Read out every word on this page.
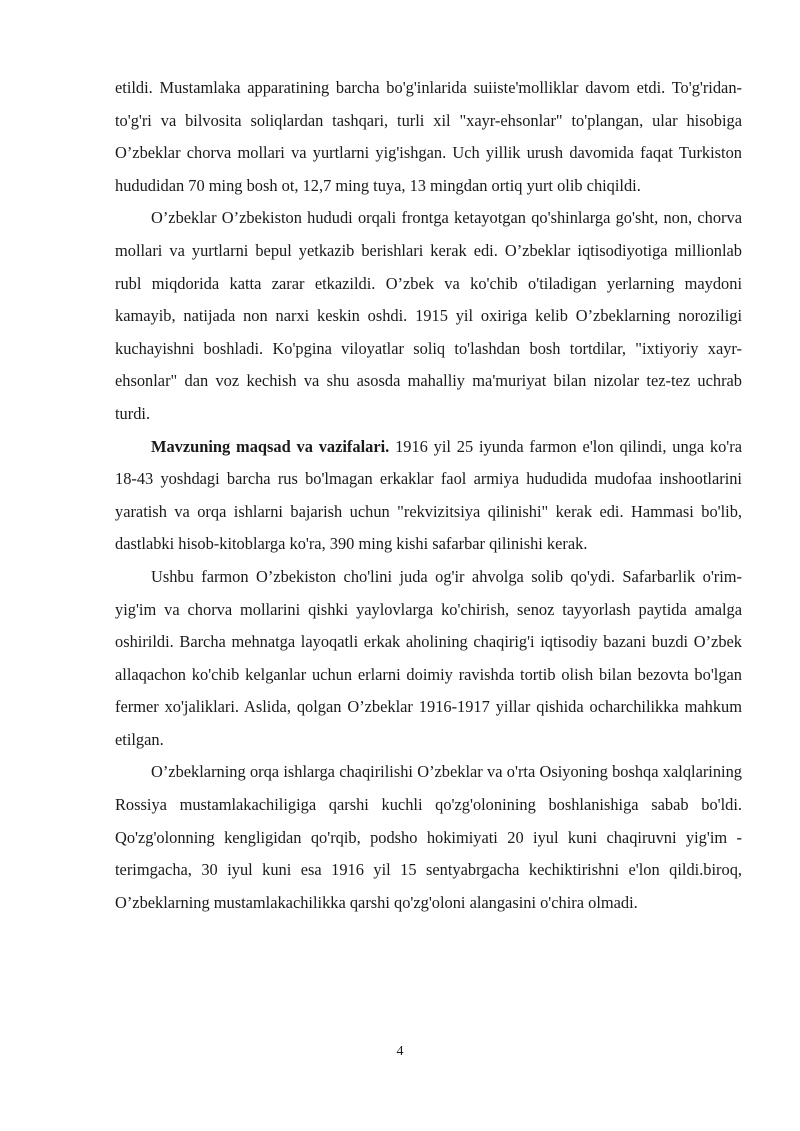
etildi. Mustamlaka apparatining barcha bo'g'inlarida suiiste'molliklar davom etdi. To'g'ridan-to'g'ri va bilvosita soliqlardan tashqari, turli xil "xayr-ehsonlar" to'plangan, ular hisobiga O’zbeklar chorva mollari va yurtlarni yig'ishgan. Uch yillik urush davomida faqat Turkiston hududidan 70 ming bosh ot, 12,7 ming tuya, 13 mingdan ortiq yurt olib chiqildi.

O’zbeklar O’zbekiston hududi orqali frontga ketayotgan qo'shinlarga go'sht, non, chorva mollari va yurtlarni bepul yetkazib berishlari kerak edi. O’zbeklar iqtisodiyotiga millionlab rubl miqdorida katta zarar etkazildi. O’zbek va ko'chib o'tiladigan yerlarning maydoni kamayib, natijada non narxi keskin oshdi. 1915 yil oxiriga kelib O’zbeklarning noroziligi kuchayishni boshladi. Ko'pgina viloyatlar soliq to'lashdan bosh tortdilar, "ixtiyoriy xayr-ehsonlar" dan voz kechish va shu asosda mahalliy ma'muriyat bilan nizolar tez-tez uchrab turdi.

Mavzuning maqsad va vazifalari. 1916 yil 25 iyunda farmon e'lon qilindi, unga ko'ra 18-43 yoshdagi barcha rus bo'lmagan erkaklar faol armiya hududida mudofaa inshootlarini yaratish va orqa ishlarni bajarish uchun "rekvizitsiya qilinishi" kerak edi. Hammasi bo'lib, dastlabki hisob-kitoblarga ko'ra, 390 ming kishi safarbar qilinishi kerak.

Ushbu farmon O’zbekiston cho'lini juda og'ir ahvolga solib qo'ydi. Safarbarlik o'rim-yig'im va chorva mollarini qishki yaylovlarga ko'chirish, senoz tayyorlash paytida amalga oshirildi. Barcha mehnatga layoqatli erkak aholining chaqirig'i iqtisodiy bazani buzdi O’zbek allaqachon ko'chib kelganlar uchun erlarni doimiy ravishda tortib olish bilan bezovta bo'lgan fermer xo'jaliklari. Aslida, qolgan O’zbeklar 1916-1917 yillar qishida ocharchilikka mahkum etilgan.

O’zbeklarning orqa ishlarga chaqirilishi O’zbeklar va o'rta Osiyoning boshqa xalqlarining Rossiya mustamlakachiligiga qarshi kuchli qo'zg'olonining boshlanishiga sabab bo'ldi. Qo'zg'olonning kengligidan qo'rqib, podsho hokimiyati 20 iyul kuni chaqiruvni yig'im - terimgacha, 30 iyul kuni esa 1916 yil 15 sentyabrgacha kechiktirishni e'lon qildi.biroq, O’zbeklarning mustamlakachilikka qarshi qo'zg'oloni alangasini o'chira olmadi.

4
